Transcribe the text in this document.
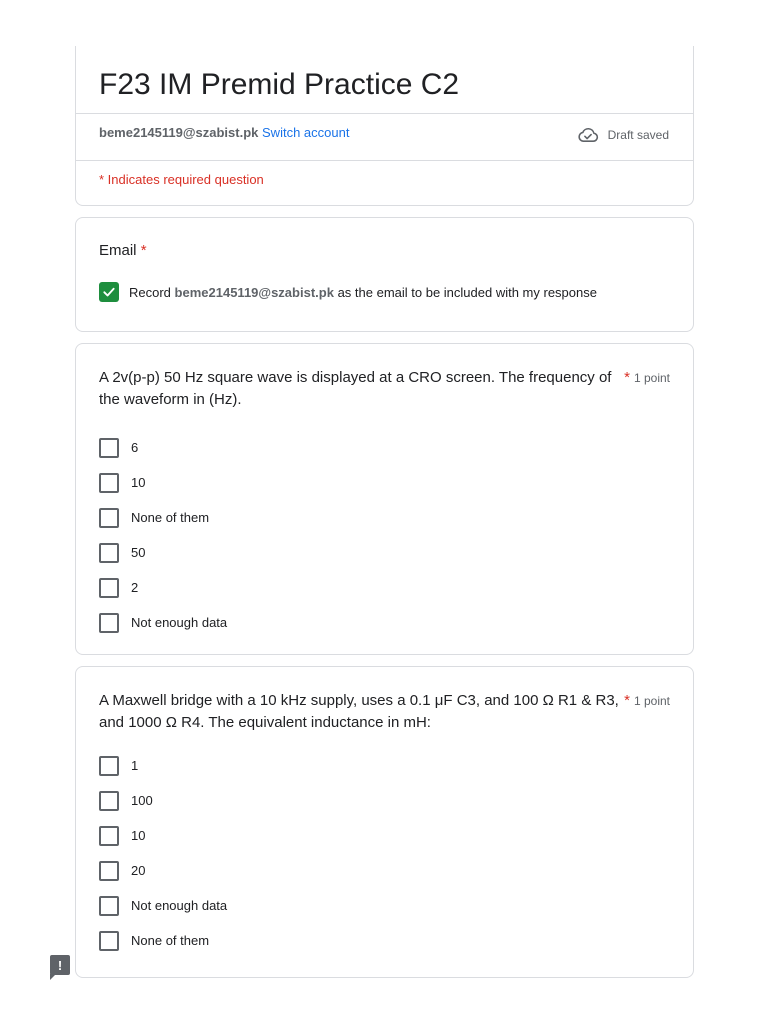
F23 IM Premid Practice C2
beme2145119@szabist.pk Switch account	Draft saved
* Indicates required question
Email *
Record
beme2145119@szabist.pk
as the email to be included with my response
A 2v(p-p) 50 Hz square wave is displayed at a CRO screen. The frequency of the waveform in (Hz).
* 1 point
6
10
None of them
50
2
Not enough data
A Maxwell bridge with a 10 kHz supply, uses a 0.1 μF C3, and 100 Ω R1 & R3, and 1000 Ω R4. The equivalent inductance in mH:
* 1 point
1
100
10
20
Not enough data
None of them
!
